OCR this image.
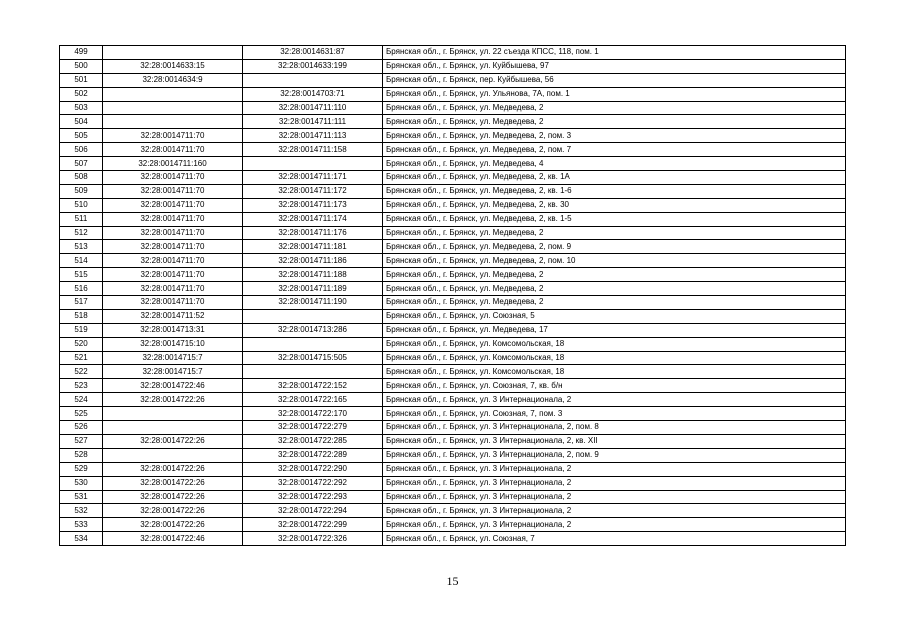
499		32:28:0014631:87	Брянская обл., г. Брянск, ул. 22 съезда КПСС, 118, пом. 1
500	32:28:0014633:15	32:28:0014633:199	Брянская обл., г. Брянск, ул. Куйбышева, 97
501	32:28:0014634:9		Брянская обл., г. Брянск, пер. Куйбышева, 56
502		32:28:0014703:71	Брянская обл., г. Брянск, ул. Ульянова, 7А, пом. 1
503		32:28:0014711:110	Брянская обл., г. Брянск, ул. Медведева, 2
504		32:28:0014711:111	Брянская обл., г. Брянск, ул. Медведева, 2
505	32:28:0014711:70	32:28:0014711:113	Брянская обл., г. Брянск, ул. Медведева, 2, пом. 3
506	32:28:0014711:70	32:28:0014711:158	Брянская обл., г. Брянск, ул. Медведева, 2, пом. 7
507	32:28:0014711:160		Брянская обл., г. Брянск, ул. Медведева, 4
508	32:28:0014711:70	32:28:0014711:171	Брянская обл., г. Брянск, ул. Медведева, 2, кв. 1А
509	32:28:0014711:70	32:28:0014711:172	Брянская обл., г. Брянск, ул. Медведева, 2, кв. 1-6
510	32:28:0014711:70	32:28:0014711:173	Брянская обл., г. Брянск, ул. Медведева, 2, кв. 30
511	32:28:0014711:70	32:28:0014711:174	Брянская обл., г. Брянск, ул. Медведева, 2, кв. 1-5
512	32:28:0014711:70	32:28:0014711:176	Брянская обл., г. Брянск, ул. Медведева, 2
513	32:28:0014711:70	32:28:0014711:181	Брянская обл., г. Брянск, ул. Медведева, 2, пом. 9
514	32:28:0014711:70	32:28:0014711:186	Брянская обл., г. Брянск, ул. Медведева, 2, пом. 10
515	32:28:0014711:70	32:28:0014711:188	Брянская обл., г. Брянск, ул. Медведева, 2
516	32:28:0014711:70	32:28:0014711:189	Брянская обл., г. Брянск, ул. Медведева, 2
517	32:28:0014711:70	32:28:0014711:190	Брянская обл., г. Брянск, ул. Медведева, 2
518	32:28:0014711:52		Брянская обл., г. Брянск, ул. Союзная, 5
519	32:28:0014713:31	32:28:0014713:286	Брянская обл., г. Брянск, ул. Медведева, 17
520	32:28:0014715:10		Брянская обл., г. Брянск, ул. Комсомольская, 18
521	32:28:0014715:7	32:28:0014715:505	Брянская обл., г. Брянск, ул. Комсомольская, 18
522	32:28:0014715:7		Брянская обл., г. Брянск, ул. Комсомольская, 18
523	32:28:0014722:46	32:28:0014722:152	Брянская обл., г. Брянск, ул. Союзная, 7, кв. б/н
524	32:28:0014722:26	32:28:0014722:165	Брянская обл., г. Брянск, ул. 3 Интернационала, 2
525		32:28:0014722:170	Брянская обл., г. Брянск, ул. Союзная, 7, пом. 3
526		32:28:0014722:279	Брянская обл., г. Брянск, ул. 3 Интернационала, 2, пом. 8
527	32:28:0014722:26	32:28:0014722:285	Брянская обл., г. Брянск, ул. 3 Интернационала, 2, кв. XII
528		32:28:0014722:289	Брянская обл., г. Брянск, ул. 3 Интернационала, 2, пом. 9
529	32:28:0014722:26	32:28:0014722:290	Брянская обл., г. Брянск, ул. 3 Интернационала, 2
530	32:28:0014722:26	32:28:0014722:292	Брянская обл., г. Брянск, ул. 3 Интернационала, 2
531	32:28:0014722:26	32:28:0014722:293	Брянская обл., г. Брянск, ул. 3 Интернационала, 2
532	32:28:0014722:26	32:28:0014722:294	Брянская обл., г. Брянск, ул. 3 Интернационала, 2
533	32:28:0014722:26	32:28:0014722:299	Брянская обл., г. Брянск, ул. 3 Интернационала, 2
534	32:28:0014722:46	32:28:0014722:326	Брянская обл., г. Брянск, ул. Союзная, 7
15
